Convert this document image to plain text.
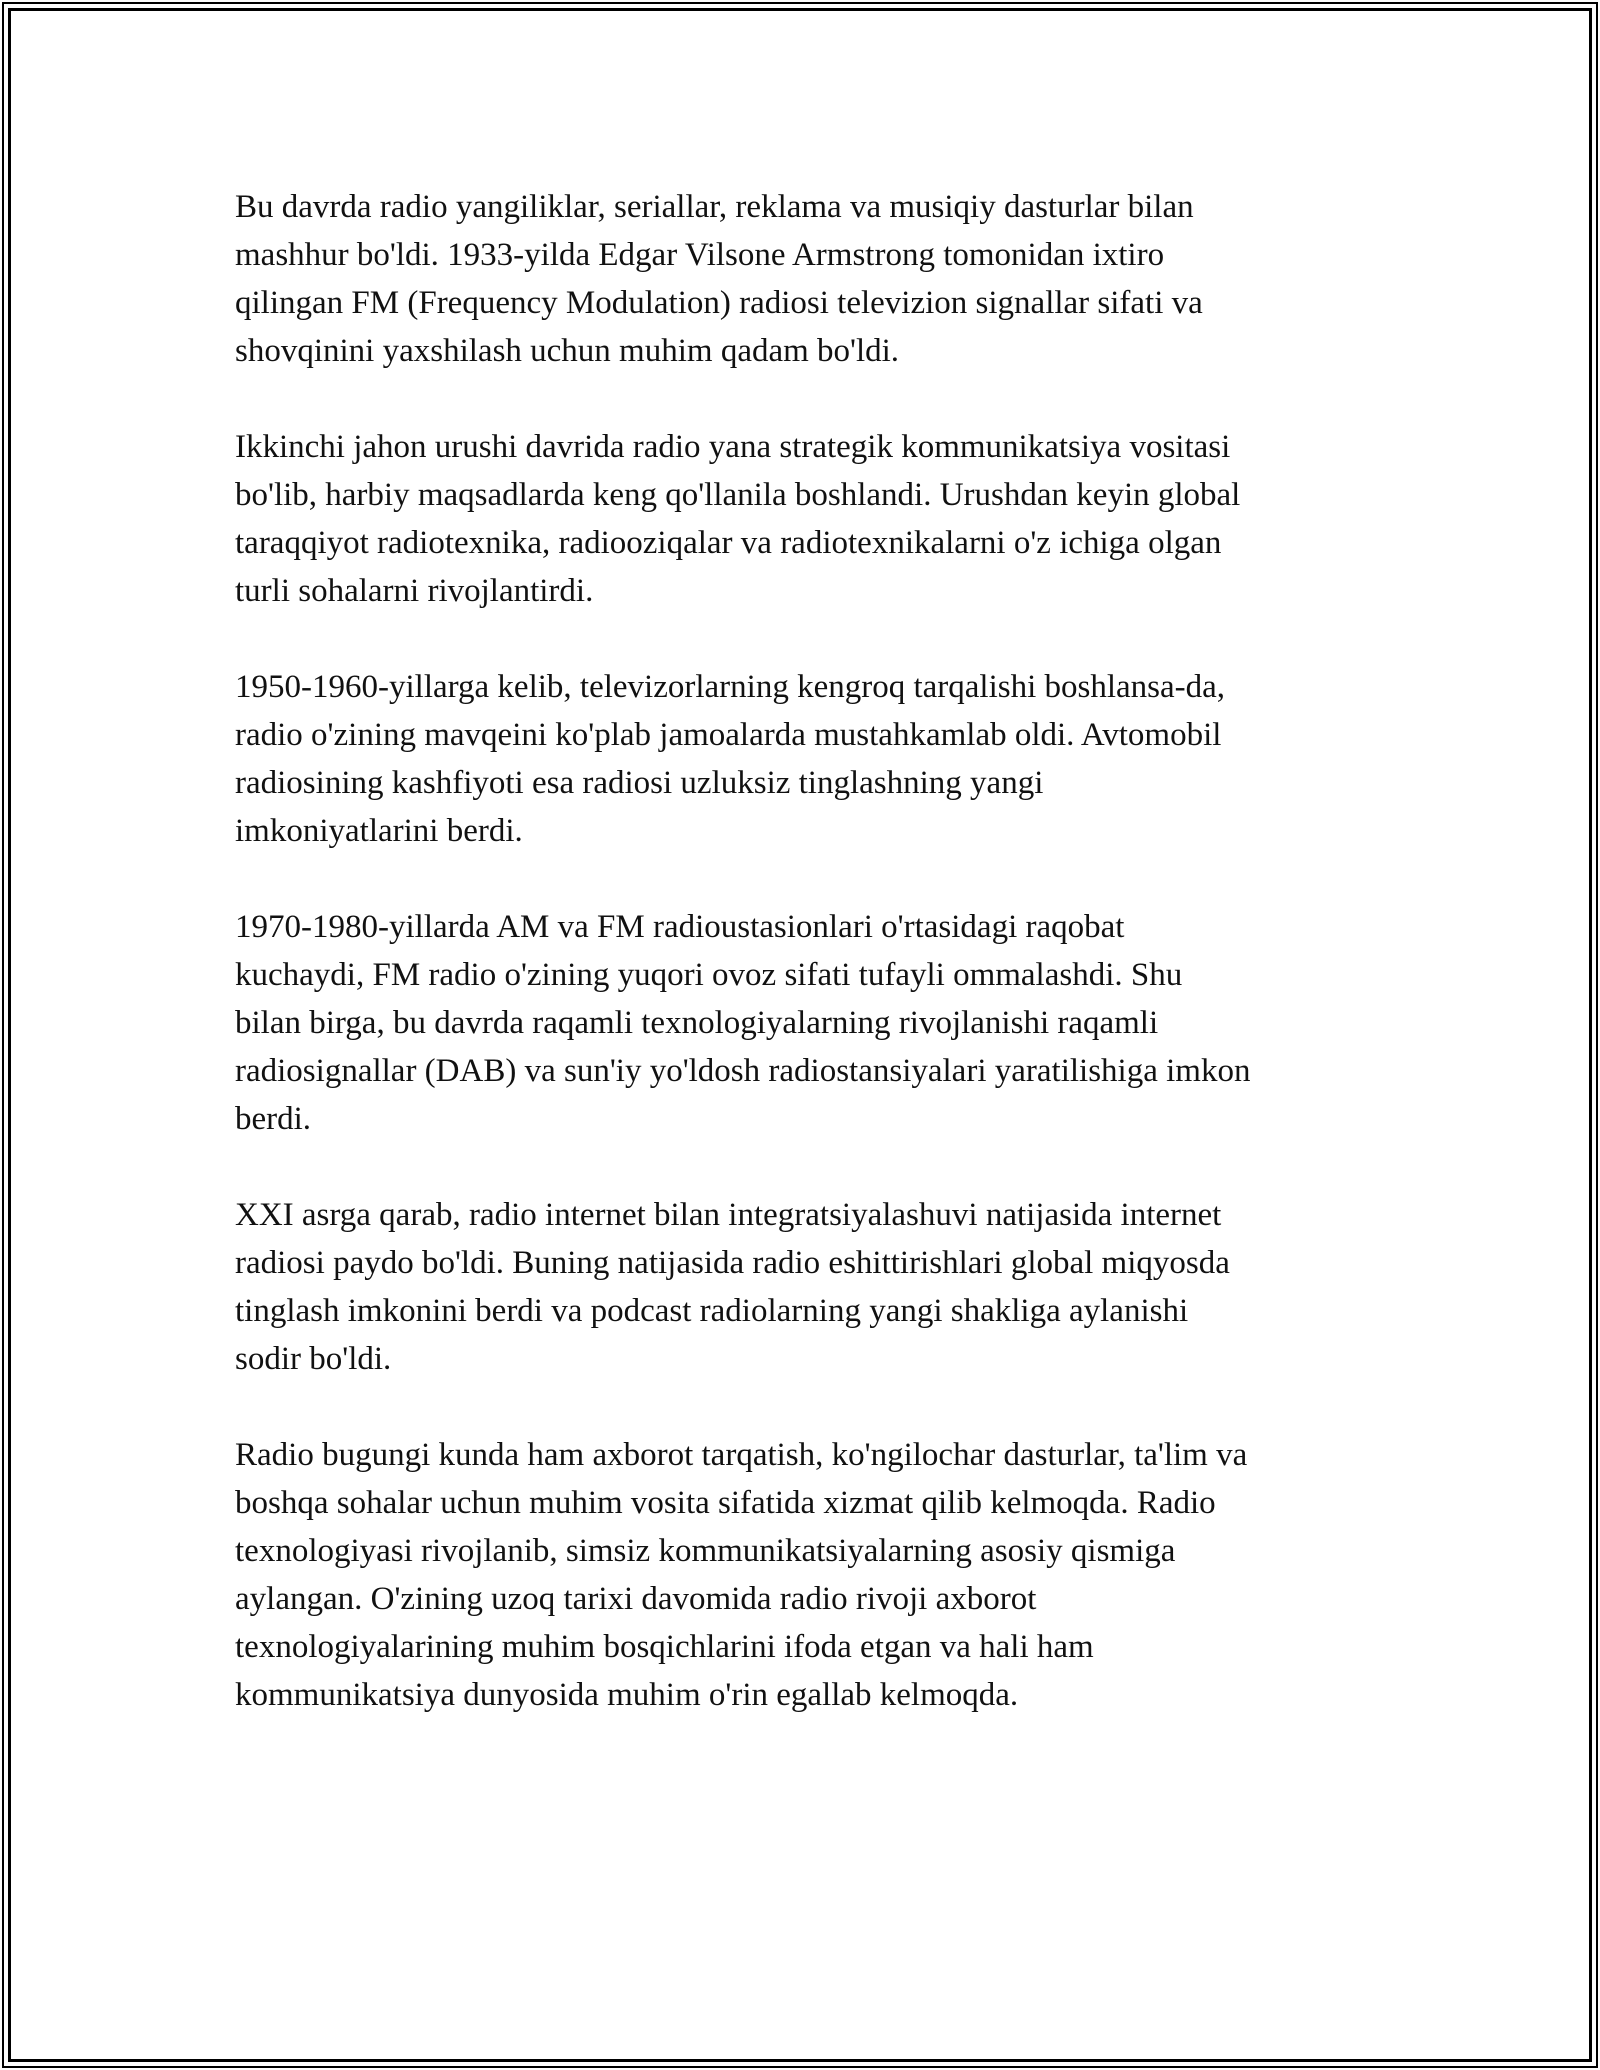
Bu davrda radio yangiliklar, seriallar, reklama va musiqiy dasturlar bilan
mashhur bo'ldi. 1933-yilda Edgar Vilsone Armstrong tomonidan ixtiro
qilingan FM (Frequency Modulation) radiosi televizion signallar sifati va
shovqinini yaxshilash uchun muhim qadam bo'ldi.
Ikkinchi jahon urushi davrida radio yana strategik kommunikatsiya vositasi
bo'lib, harbiy maqsadlarda keng qo'llanila boshlandi. Urushdan keyin global
taraqqiyot radiotexnika, radiooziqalar va radiotexnikalarni o'z ichiga olgan
turli sohalarni rivojlantirdi.
1950-1960-yillarga kelib, televizorlarning kengroq tarqalishi boshlansa-da,
radio o'zining mavqeini ko'plab jamoalarda mustahkamlab oldi. Avtomobil
radiosining kashfiyoti esa radiosi uzluksiz tinglashning yangi
imkoniyatlarini berdi.
1970-1980-yillarda AM va FM radioustasionlari o'rtasidagi raqobat
kuchaydi, FM radio o'zining yuqori ovoz sifati tufayli ommalashdi. Shu
bilan birga, bu davrda raqamli texnologiyalarning rivojlanishi raqamli
radiosignallar (DAB) va sun'iy yo'ldosh radiostansiyalari yaratilishiga imkon
berdi.
XXI asrga qarab, radio internet bilan integratsiyalashuvi natijasida internet
radiosi paydo bo'ldi. Buning natijasida radio eshittirishlari global miqyosda
tinglash imkonini berdi va podcast radiolarning yangi shakliga aylanishi
sodir bo'ldi.
Radio bugungi kunda ham axborot tarqatish, ko'ngilochar dasturlar, ta'lim va
boshqa sohalar uchun muhim vosita sifatida xizmat qilib kelmoqda. Radio
texnologiyasi rivojlanib, simsiz kommunikatsiyalarning asosiy qismiga
aylangan. O'zining uzoq tarixi davomida radio rivoji axborot
texnologiyalarining muhim bosqichlarini ifoda etgan va hali ham
kommunikatsiya dunyosida muhim o'rin egallab kelmoqda.
